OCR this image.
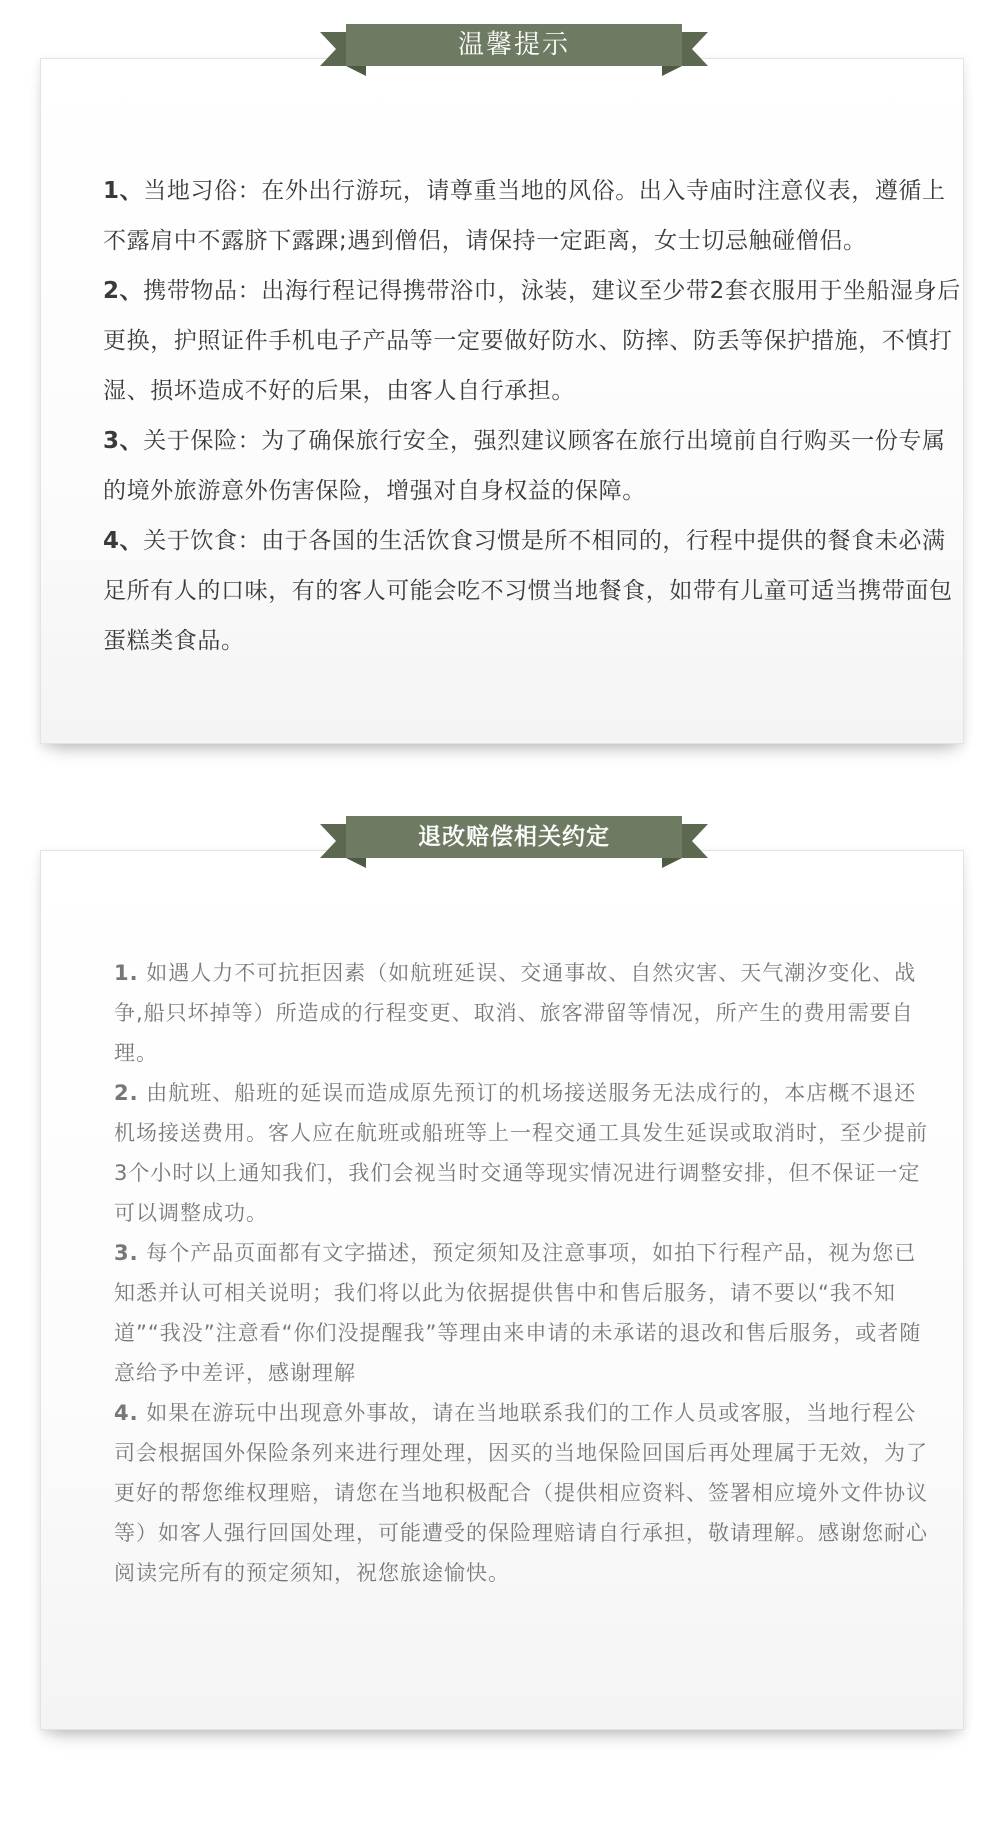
1、当地习俗：在外出行游玩，请尊重当地的风俗。出入寺庙时注意仪表，遵循上不露肩中不露脐下露踝;遇到僧侣，请保持一定距离，女士切忌触碰僧侣。

2、携带物品：出海行程记得携带浴巾，泳装，建议至少带2套衣服用于坐船湿身后更换，护照证件手机电子产品等一定要做好防水、防摔、防丢等保护措施，不慎打湿、损坏造成不好的后果，由客人自行承担。

3、关于保险：为了确保旅行安全，强烈建议顾客在旅行出境前自行购买一份专属的境外旅游意外伤害保险，增强对自身权益的保障。

4、关于饮食：由于各国的生活饮食习惯是所不相同的，行程中提供的餐食未必满足所有人的口味，有的客人可能会吃不习惯当地餐食，如带有儿童可适当携带面包蛋糕类食品。

温馨提示

1. 如遇人力不可抗拒因素（如航班延误、交通事故、自然灾害、天气潮汐变化、战争,船只坏掉等）所造成的行程变更、取消、旅客滞留等情况，所产生的费用需要自理。

2. 由航班、船班的延误而造成原先预订的机场接送服务无法成行的，本店概不退还机场接送费用。客人应在航班或船班等上一程交通工具发生延误或取消时，至少提前3个小时以上通知我们，我们会视当时交通等现实情况进行调整安排，但不保证一定可以调整成功。

3. 每个产品页面都有文字描述，预定须知及注意事项，如拍下行程产品，视为您已知悉并认可相关说明；我们将以此为依据提供售中和售后服务，请不要以“我不知道”“我没”注意看“你们没提醒我”等理由来申请的未承诺的退改和售后服务，或者随意给予中差评，感谢理解

4. 如果在游玩中出现意外事故，请在当地联系我们的工作人员或客服，当地行程公司会根据国外保险条列来进行理处理，因买的当地保险回国后再处理属于无效，为了更好的帮您维权理赔，请您在当地积极配合（提供相应资料、签署相应境外文件协议等）如客人强行回国处理，可能遭受的保险理赔请自行承担，敬请理解。感谢您耐心阅读完所有的预定须知，祝您旅途愉快。

退改赔偿相关约定
